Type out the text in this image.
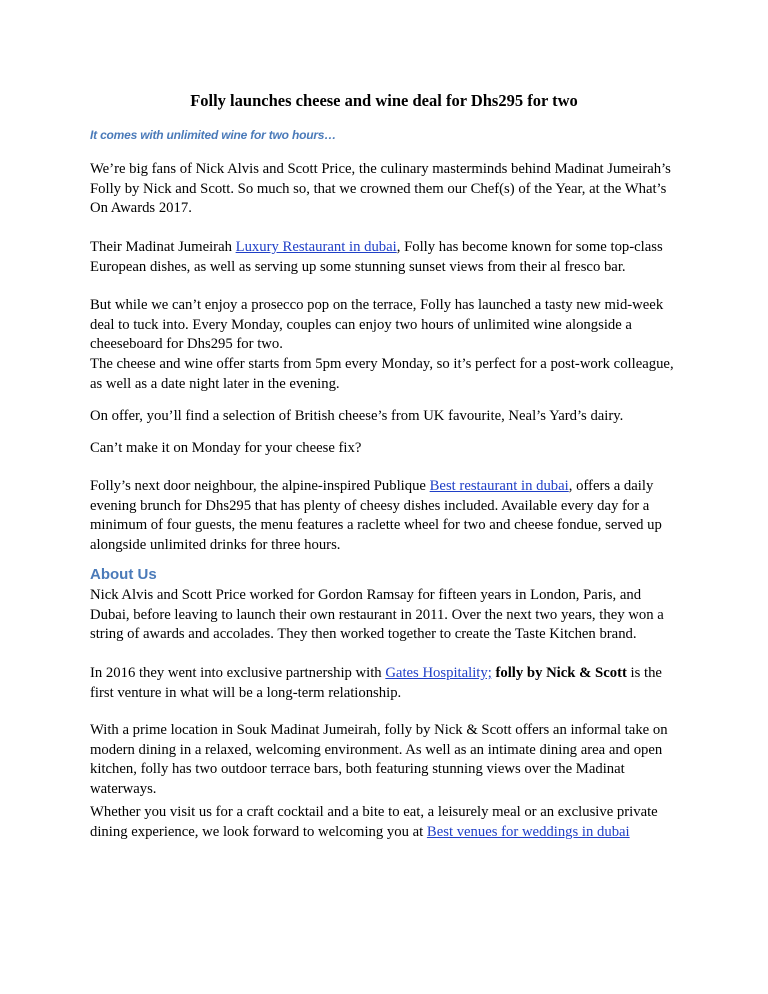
Folly launches cheese and wine deal for Dhs295 for two
It comes with unlimited wine for two hours…

We’re big fans of Nick Alvis and Scott Price, the culinary masterminds behind Madinat Jumeirah’s Folly by Nick and Scott. So much so, that we crowned them our Chef(s) of the Year, at the What’s On Awards 2017.

Their Madinat Jumeirah Luxury Restaurant in dubai, Folly has become known for some top-class European dishes, as well as serving up some stunning sunset views from their al fresco bar.

But while we can’t enjoy a prosecco pop on the terrace, Folly has launched a tasty new mid-week deal to tuck into. Every Monday, couples can enjoy two hours of unlimited wine alongside a cheeseboard for Dhs295 for two.

The cheese and wine offer starts from 5pm every Monday, so it’s perfect for a post-work colleague, as well as a date night later in the evening.

On offer, you’ll find a selection of British cheese’s from UK favourite, Neal’s Yard’s dairy.

Can’t make it on Monday for your cheese fix?

Folly’s next door neighbour, the alpine-inspired Publique Best restaurant in dubai, offers a daily evening brunch for Dhs295 that has plenty of cheesy dishes included. Available every day for a minimum of four guests, the menu features a raclette wheel for two and cheese fondue, served up alongside unlimited drinks for three hours.

About Us

Nick Alvis and Scott Price worked for Gordon Ramsay for fifteen years in London, Paris, and Dubai, before leaving to launch their own restaurant in 2011. Over the next two years, they won a string of awards and accolades. They then worked together to create the Taste Kitchen brand.

In 2016 they went into exclusive partnership with Gates Hospitality; folly by Nick & Scott is the first venture in what will be a long-term relationship.

With a prime location in Souk Madinat Jumeirah, folly by Nick & Scott offers an informal take on modern dining in a relaxed, welcoming environment. As well as an intimate dining area and open kitchen, folly has two outdoor terrace bars, both featuring stunning views over the Madinat waterways.

Whether you visit us for a craft cocktail and a bite to eat, a leisurely meal or an exclusive private dining experience, we look forward to welcoming you at Best venues for weddings in dubai
